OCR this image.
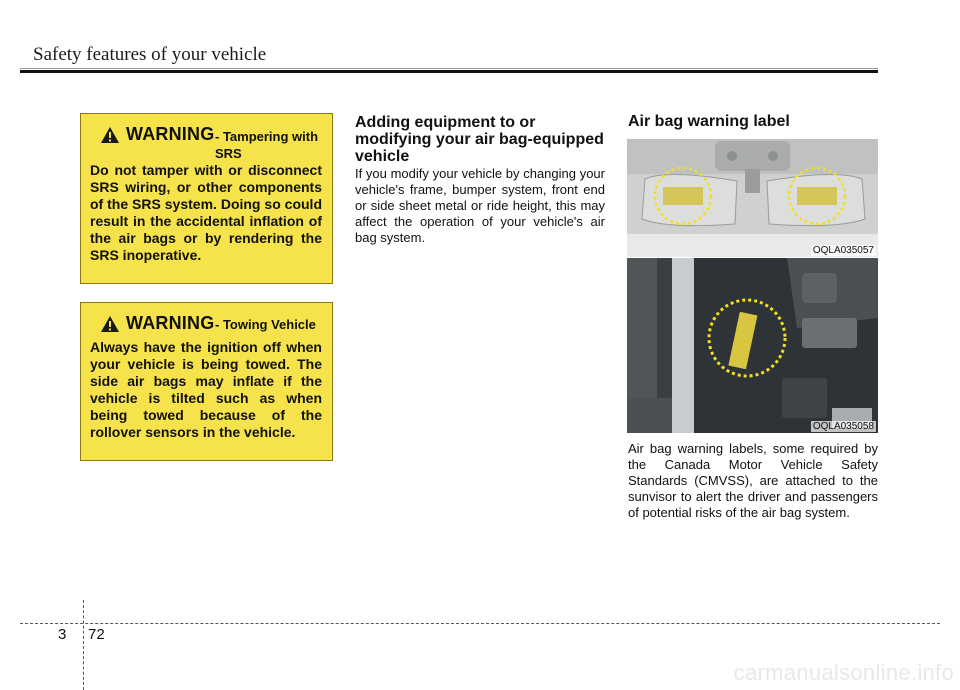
Safety features of your vehicle
WARNING - Tampering with SRS
Do not tamper with or disconnect SRS wiring, or other components of the SRS system. Doing so could result in the accidental inflation of the air bags or by rendering the SRS inoperative.
WARNING - Towing Vehicle
Always have the ignition off when your vehicle is being towed. The side air bags may inflate if the vehicle is tilted such as when being towed because of the rollover sensors in the vehicle.
Adding equipment to or modifying your air bag-equipped vehicle
If you modify your vehicle by changing your vehicle's frame, bumper system, front end or side sheet metal or ride height, this may affect the operation of your vehicle's air bag system.
Air bag warning label
OQLA035057
OQLA035058
Air bag warning labels, some required by the Canada Motor Vehicle Safety Standards (CMVSS), are attached to the sunvisor to alert the driver and passengers of potential risks of the air bag system.
3 72
carmanualsonline.info
